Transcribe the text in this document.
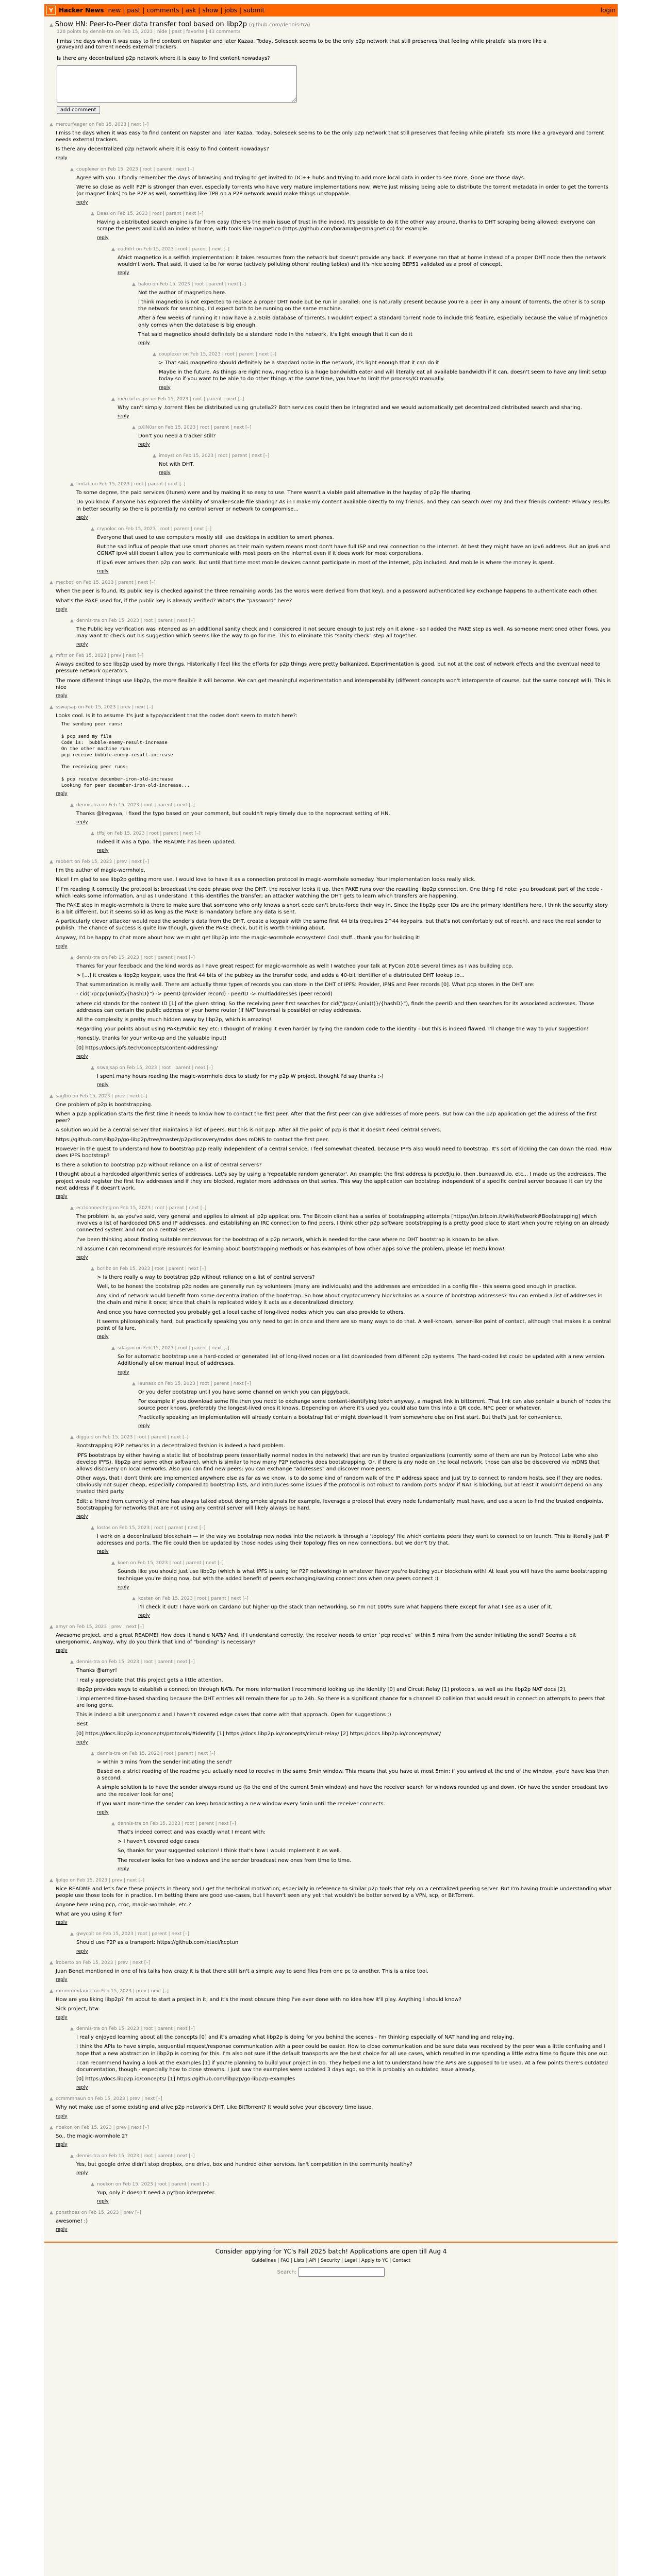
Y Hacker News new | past | comments | ask | show | jobs | submit	login
▲ Show HN: Peer-to-Peer data transfer tool based on libp2p (github.com/dennis-tra)
128 points by dennis-tra on Feb 15, 2023 | hide | past | favorite | 43 comments
I miss the days when it was easy to find content on Napster and later Kazaa. Today, Soleseek seems to be the only p2p network that still preserves that feeling while piratefa ists more like a graveyard and torrent needs external trackers.

Is there any decentralized p2p network where it is easy to find content nowadays?

add comment
▲ mercurfeeger on Feb 15, 2023 | next [–]

I miss the days when it was easy to find content on Napster and later Kazaa. Today, Soleseek seems to be the only p2p network that still preserves that feeling while piratefa ists more like a graveyard and torrent needs external trackers.

Is there any decentralized p2p network where it is easy to find content nowadays?

reply
▲ couplexer on Feb 15, 2023 | root | parent | next [–]

Agree with you. I fondly remember the days of browsing and trying to get invited to DC++ hubs and trying to add more local data in order to see more. Gone are those days.

We're so close as well! P2P is stronger than ever, especially torrents who have very mature implementations now. We're just missing being able to distribute the torrent metadata in order to get the torrents (or magnet links) to be P2P as well, something like TPB on a P2P network would make things unstoppable.

reply
▲ Daas on Feb 15, 2023 | root | parent | next [–]

Having a distributed search engine is far from easy (there's the main issue of trust in the index). It's possible to do it the other way around, thanks to DHT scraping being allowed: everyone can scrape the peers and build an index at home, with tools like magnetico (https://github.com/boramalper/magnetico) for example.

reply
▲ eudhfrt on Feb 15, 2023 | root | parent | next [–]

Afaict magnetico is a selfish implementation: it takes resources from the network but doesn't provide any back. If everyone ran that at home instead of a proper DHT node then the network wouldn't work. That said, it used to be for worse (actively polluting others' routing tables) and it's nice seeing BEP51 validated as a proof of concept.

reply
▲ baloo on Feb 15, 2023 | root | parent | next [–]

Not the author of magnetico here.

I think magnetico is not expected to replace a proper DHT node but be run in parallel: one is naturally present because you're a peer in any amount of torrents, the other is to scrap the network for searching. I'd expect both to be running on the same machine.

After a few weeks of running it I now have a 2.6GiB database of torrents. I wouldn't expect a standard torrent node to include this feature, especially because the value of magnetico only comes when the database is big enough.

That said magnetico should definitely be a standard node in the network, it's light enough that it can do it

reply
▲ couplexer on Feb 15, 2023 | root | parent | next [–]

> That said magnetico should definitely be a standard node in the network, it's light enough that it can do it

Maybe in the future. As things are right now, magnetico is a huge bandwidth eater and will literally eat all available bandwidth if it can, doesn't seem to have any limit setup today so if you want to be able to do other things at the same time, you have to limit the process/IO manually.

reply
▲ mercurfeeger on Feb 15, 2023 | root | parent | next [–]

Why can't simply .torrent files be distributed using gnutella2? Both services could then be integrated and we would automatically get decentralized distributed search and sharing.

reply
▲ pXIN0sr on Feb 15, 2023 | root | parent | next [–]

Don't you need a tracker still?

reply
▲ imoyst on Feb 15, 2023 | root | parent | next [–]

Not with DHT.

reply
▲ limlab on Feb 15, 2023 | root | parent | next [–]

To some degree, the paid services (itunes) were and by making it so easy to use. There wasn't a viable paid alternative in the hayday of p2p file sharing.

Do you know if anyone has explored the viability of smaller-scale file sharing? As in I make my content available directly to my friends, and they can search over my and their friends content? Privacy results in better security so there is potentially no central server or network to compromise...

reply
▲ crypoloc on Feb 15, 2023 | root | parent | next [–]

Everyone that used to use computers mostly still use desktops in addition to smart phones.

But the sad influx of people that use smart phones as their main system means most don't have full ISP and real connection to the internet. At best they might have an ipv6 address. But an ipv6 and CGNAT ipv4 still doesn't allow you to communicate with most peers on the internet even if it does work for most corporations.

If ipv6 ever arrives then p2p can work. But until that time most mobile devices cannot participate in most of the internet, p2p included. And mobile is where the money is spent.

reply
▲ mecbotl on Feb 15, 2023 | parent | next [–]

When the peer is found, its public key is checked against the three remaining words (as the words were derived from that key), and a password authenticated key exchange happens to authenticate each other.

What's the PAKE used for, if the public key is already verified? What's the "password" here?

reply
▲ dennis-tra on Feb 15, 2023 | root | parent | next [–]

The Public key verification was intended as an additional sanity check and I considered it not secure enough to just rely on it alone - so I added the PAKE step as well. As someone mentioned other flows, you may want to check out his suggestion which seems like the way to go for me. This to eliminate this "sanity check" step all together.

reply
▲ mftrr on Feb 15, 2023 | prev | next [–]

Always excited to see libp2p used by more things. Historically I feel like the efforts for p2p things were pretty balkanized. Experimentation is good, but not at the cost of network effects and the eventual need to pressure network operators.

The more different things use libp2p, the more flexible it will become. We can get meaningful experimentation and interoperability (different concepts won't interoperate of course, but the same concept will). This is nice

reply
▲ sswajsap on Feb 15, 2023 | prev | next [–]

Looks cool. Is it to assume it's just a typo/accident that the codes don't seem to match here?:

The sending peer runs:

$ pcp send my file
Code is:  bubble-enemy-result-increase
On the other machine run:
pcp receive bubble-enemy-result-increase

The receiving peer runs:

$ pcp receive december-iron-old-increase
Looking for peer december-iron-old-increase...
reply
▲ dennis-tra on Feb 15, 2023 | root | parent | next [–]

Thanks @lregwaa, I fixed the typo based on your comment, but couldn't reply timely due to the noprocrast setting of HN.

reply
▲ tffsj on Feb 15, 2023 | root | parent | next [–]

Indeed it was a typo. The README has been updated.

reply
▲ rabbert on Feb 15, 2023 | prev | next [–]

I'm the author of magic-wormhole.

Nice! I'm glad to see libp2p getting more use. I would love to have it as a connection protocol in magic-wormhole someday. Your implementation looks really slick.

If I'm reading it correctly the protocol is: broadcast the code phrase over the DHT, the receiver looks it up, then PAKE runs over the resulting libp2p connection. One thing I'd note: you broadcast part of the code - which leaks some information, and as I understand it this identifies the transfer; an attacker watching the DHT gets to learn which transfers are happening.

The PAKE step in magic-wormhole is there to make sure that someone who only knows a short code can't brute-force their way in. Since the libp2p peer IDs are the primary identifiers here, I think the security story is a bit different, but it seems solid as long as the PAKE is mandatory before any data is sent.

A particularly clever attacker would read the sender's data from the DHT, create a keypair with the same first 44 bits (requires 2^44 keypairs, but that's not comfortably out of reach), and race the real sender to publish. The chance of success is quite low though, given the PAKE check, but it is worth thinking about.

Anyway, I'd be happy to chat more about how we might get libp2p into the magic-wormhole ecosystem! Cool stuff...thank you for building it!

reply
▲ dennis-tra on Feb 15, 2023 | root | parent | next [–]

Thanks for your feedback and the kind words as I have great respect for magic-wormhole as well! I watched your talk at PyCon 2016 several times as I was building pcp.

> [...] it creates a libp2p keypair, uses the first 44 bits of the pubkey as the transfer code, and adds a 40-bit identifier of a distributed DHT lookup to...

That summarization is really well. There are actually three types of records you can store in the DHT of IPFS: Provider, IPNS and Peer records [0]. What pcp stores in the DHT are:

- cid("/pcp/{unix(t)/{hashD}") -> peerID (provider record) - peerID -> multiaddresses (peer record)

where cid stands for the content ID [1] of the given string. So the receiving peer first searches for cid("/pcp/{unix(t)}/{hashD}"), finds the peerID and then searches for its associated addresses. Those addresses can contain the public address of your home router (if NAT traversal is possible) or relay addresses.

All the complexity is pretty much hidden away by libp2p, which is amazing!

Regarding your points about using PAKE/Public Key etc: I thought of making it even harder by tying the random code to the identity - but this is indeed flawed. I'll change the way to your suggestion!

Honestly, thanks for your write-up and the valuable input!

[0] https://docs.ipfs.tech/concepts/content-addressing/

reply
▲ sswajsap on Feb 15, 2023 | root | parent | next [–]

I spent many hours reading the magic-wormhole docs to study for my p2p W project, thought I'd say thanks :-)

reply
▲ saglbo on Feb 15, 2023 | prev | next [–]

One problem of p2p is bootstrapping.

When a p2p application starts the first time it needs to know how to contact the first peer. After that the first peer can give addresses of more peers. But how can the p2p application get the address of the first peer?

A solution would be a central server that maintains a list of peers. But this is not p2p. After all the point of p2p is that it doesn't need central servers.

https://github.com/libp2p/go-libp2p/tree/master/p2p/discovery/mdns does mDNS to contact the first peer.

However in the quest to understand how to bootstrap p2p really independent of a central service, I feel somewhat cheated, because IPFS also would need to bootstrap. It's sort of kicking the can down the road. How does IPFS bootstrap?

Is there a solution to bootstrap p2p without reliance on a list of central servers?

I thought about a hardcoded algorithmic series of addresses. Let's say by using a 'repeatable random generator'. An example: the first address is pcdo5ju.io, then .bunaaxvdl.io, etc... I made up the addresses. The project would register the first few addresses and if they are blocked, register more addresses on that series. This way the application can bootstrap independent of a specific central server because it can try the next address if it doesn't work.

reply
▲ eccloonnecting on Feb 15, 2023 | root | parent | next [–]

The problem is, as you've said, very general and applies to almost all p2p applications. The Bitcoin client has a series of bootstrapping attempts [https://en.bitcoin.it/wiki/Network#Bootstrapping] which involves a list of hardcoded DNS and IP addresses, and establishing an IRC connection to find peers. I think other p2p software bootstrapping is a pretty good place to start when you're relying on an already connected system and not on a central server.

I've been thinking about finding suitable rendezvous for the bootstrap of a p2p network, which is needed for the case where no DHT bootstrap is known to be alive.

I'd assume I can recommend more resources for learning about bootstrapping methods or has examples of how other apps solve the problem, please let mezu know!

reply
▲ bcrlbz on Feb 15, 2023 | root | parent | next [–]

> Is there really a way to bootstrap p2p without reliance on a list of central servers?

Well, to be honest the bootstrap p2p nodes are generally run by volunteers (many are individuals) and the addresses are embedded in a config file - this seems good enough in practice.

Any kind of network would benefit from some decentralization of the bootstrap. So how about cryptocurrency blockchains as a source of bootstrap addresses? You can embed a list of addresses in the chain and mine it once; since that chain is replicated widely it acts as a decentralized directory.

And once you have connected you probably get a local cache of long-lived nodes which you can also provide to others.

It seems philosophically hard, but practically speaking you only need to get in once and there are so many ways to do that. A well-known, server-like point of contact, although that makes it a central point of failure.

reply
▲ sdaguo on Feb 15, 2023 | root | parent | next [–]

So for automatic bootstrap use a hard-coded or generated list of long-lived nodes or a list downloaded from different p2p systems. The hard-coded list could be updated with a new version. Additionally allow manual input of addresses.

reply
▲ iaunasx on Feb 15, 2023 | root | parent | next [–]

Or you defer bootstrap until you have some channel on which you can piggyback.

For example if you download some file then you need to exchange some content-identifying token anyway, a magnet link in bittorrent. That link can also contain a bunch of nodes the source peer knows, preferably the longest-lived ones it knows. Depending on where it's used you could also turn this into a QR code, NFC peer or whatever.

Practically speaking an implementation will already contain a bootstrap list or might download it from somewhere else on first start. But that's just for convenience.

reply
▲ diggars on Feb 15, 2023 | root | parent | next [–]

Bootstrapping P2P networks in a decentralized fashion is indeed a hard problem.

IPFS bootstraps by either having a static list of bootstrap peers (essentially normal nodes in the network) that are run by trusted organizations (currently some of them are run by Protocol Labs who also develop IPFS), libp2p and some other software), which is similar to how many P2P networks does bootstrapping. Or, if there is any node on the local network, those can also be discovered via mDNS that allows discovery on local networks. Also you can find new peers: you can exchange "addresses" and discover more peers.

Other ways, that I don't think are implemented anywhere else as far as we know, is to do some kind of random walk of the IP address space and just try to connect to random hosts, see if they are nodes. Obviously not super cheap, especially compared to bootstrap lists, and introduces some issues if the protocol is not robust to random ports and/or if NAT is blocking, but at least it wouldn't depend on any trusted third party.

Edit: a friend from currently of mine has always talked about doing smoke signals for example, leverage a protocol that every node fundamentally must have, and use a scan to find the trusted endpoints. Bootstrapping for networks that are not using any central server will likely always be hard.

reply
▲ lostos on Feb 15, 2023 | root | parent | next [–]

I work on a decentralized blockchain — in the way we bootstrap new nodes into the network is through a 'topology' file which contains peers they want to connect to on launch. This is literally just IP addresses and ports. The file could then be updated by those nodes using their topology files on new connections, but we don't try that.

reply
▲ koen on Feb 15, 2023 | root | parent | next [–]

Sounds like you should just use libp2p (which is what IPFS is using for P2P networking) in whatever flavor you're building your blockchain with! At least you will have the same bootstrapping technique you're doing now, but with the added benefit of peers exchanging/saving connections when new peers connect :)

reply
▲ kosten on Feb 15, 2023 | root | parent | next [–]

I'll check it out! I have work on Cardano but higher up the stack than networking, so I'm not 100% sure what happens there except for what I see as a user of it.

reply
▲ amyr on Feb 15, 2023 | prev | next [–]

Awesome project, and a great README! How does it handle NATs? And, if I understand correctly, the receiver needs to enter `pcp receive` within 5 mins from the sender initiating the send? Seems a bit unergonomic. Anyway, why do you think that kind of "bonding" is necessary?

reply
▲ dennis-tra on Feb 15, 2023 | root | parent | next [–]

Thanks @amyr!

I really appreciate that this project gets a little attention.

libp2p provides ways to establish a connection through NATs. For more information I recommend looking up the Identify [0] and Circuit Relay [1] protocols, as well as the libp2p NAT docs [2].

I implemented time-based sharding because the DHT entries will remain there for up to 24h. So there is a significant chance for a channel ID collision that would result in connection attempts to peers that are long gone.

This is indeed a bit unergonomic and I haven't covered edge cases that come with that approach. Open for suggestions ;)

Best

[0] https://docs.libp2p.io/concepts/protocols/#identify [1] https://docs.libp2p.io/concepts/circuit-relay/ [2] https://docs.libp2p.io/concepts/nat/

reply
▲ dennis-tra on Feb 15, 2023 | root | parent | next [–]

> within 5 mins from the sender initiating the send?

Based on a strict reading of the readme you actually need to receive in the same 5min window. This means that you have at most 5min: if you arrived at the end of the window, you'd have less than a second.

A simple solution is to have the sender always round up (to the end of the current 5min window) and have the receiver search for windows rounded up and down. (Or have the sender broadcast two and the receiver look for one)

If you want more time the sender can keep broadcasting a new window every 5min until the receiver connects.

reply
▲ dennis-tra on Feb 15, 2023 | root | parent | next [–]

That's indeed correct and was exactly what I meant with:

> I haven't covered edge cases

So, thanks for your suggested solution! I think that's how I would implement it as well.

The receiver looks for two windows and the sender broadcast new ones from time to time.

reply
▲ ljplqo on Feb 15, 2023 | prev | next [–]

Nice README and let's face these projects in theory and I get the technical motivation; especially in reference to similar p2p tools that rely on a centralized peering server. But I'm having trouble understanding what people use those tools for in practice. I'm betting there are good use-cases, but I haven't seen any yet that wouldn't be better served by a VPN, scp, or BitTorrent.

Anyone here using pcp, croc, magic-wormhole, etc.?

What are you using it for?

reply
▲ gwycolt on Feb 15, 2023 | root | parent | next [–]

Should use P2P as a transport: https://github.com/xtaci/kcptun

reply
▲ iroberto on Feb 15, 2023 | prev | next [–]

Juan Benet mentioned in one of his talks how crazy it is that there still isn't a simple way to send files from one pc to another. This is a nice tool.

reply
▲ mmmmmdance on Feb 15, 2023 | prev | next [–]

How are you liking libp2p? I'm about to start a project in it, and it's the most obscure thing I've ever done with no idea how it'll play. Anything I should know?

Sick project, btw.

reply
▲ dennis-tra on Feb 15, 2023 | root | parent | next [–]

I really enjoyed learning about all the concepts [0] and it's amazing what libp2p is doing for you behind the scenes - I'm thinking especially of NAT handling and relaying.

I think the APIs to have simple, sequential request/response communication with a peer could be easier. How to close communication and be sure data was received by the peer was a little confusing and I hope that a new abstraction in libp2p is coming for this. I'm also not sure if the default transports are the best choice for all use cases, which resulted in me spending a little extra time to figure this one out.

I can recommend having a look at the examples [1] if you're planning to build your project in Go. They helped me a lot to understand how the APIs are supposed to be used. At a few points there's outdated documentation, though - especially how to close streams. I just saw the examples were updated 3 days ago, so this is probably an outdated issue already.

[0] https://docs.libp2p.io/concepts/ [1] https://github.com/libp2p/go-libp2p-examples

reply
▲ ccmmmhaun on Feb 15, 2023 | prev | next [–]

Why not make use of some existing and alive p2p network's DHT. Like BitTorrent? It would solve your discovery time issue.

reply
▲ noekon on Feb 15, 2023 | prev | next [–]

So.. the magic-wormhole 2?

reply
▲ dennis-tra on Feb 15, 2023 | root | parent | next [–]

Yes, but google drive didn't stop dropbox, one drive, box and hundred other services. Isn't competition in the community healthy?

reply
▲ noekon on Feb 15, 2023 | root | parent | next [–]

Yup, only it doesn't need a python interpreter.

reply
▲ ponsthoes on Feb 15, 2023 | prev [–]

awesome! :)

reply
Consider applying for YC's Fall 2025 batch! Applications are open till Aug 4
Guidelines | FAQ | Lists | API | Security | Legal | Apply to YC | Contact
Search:
